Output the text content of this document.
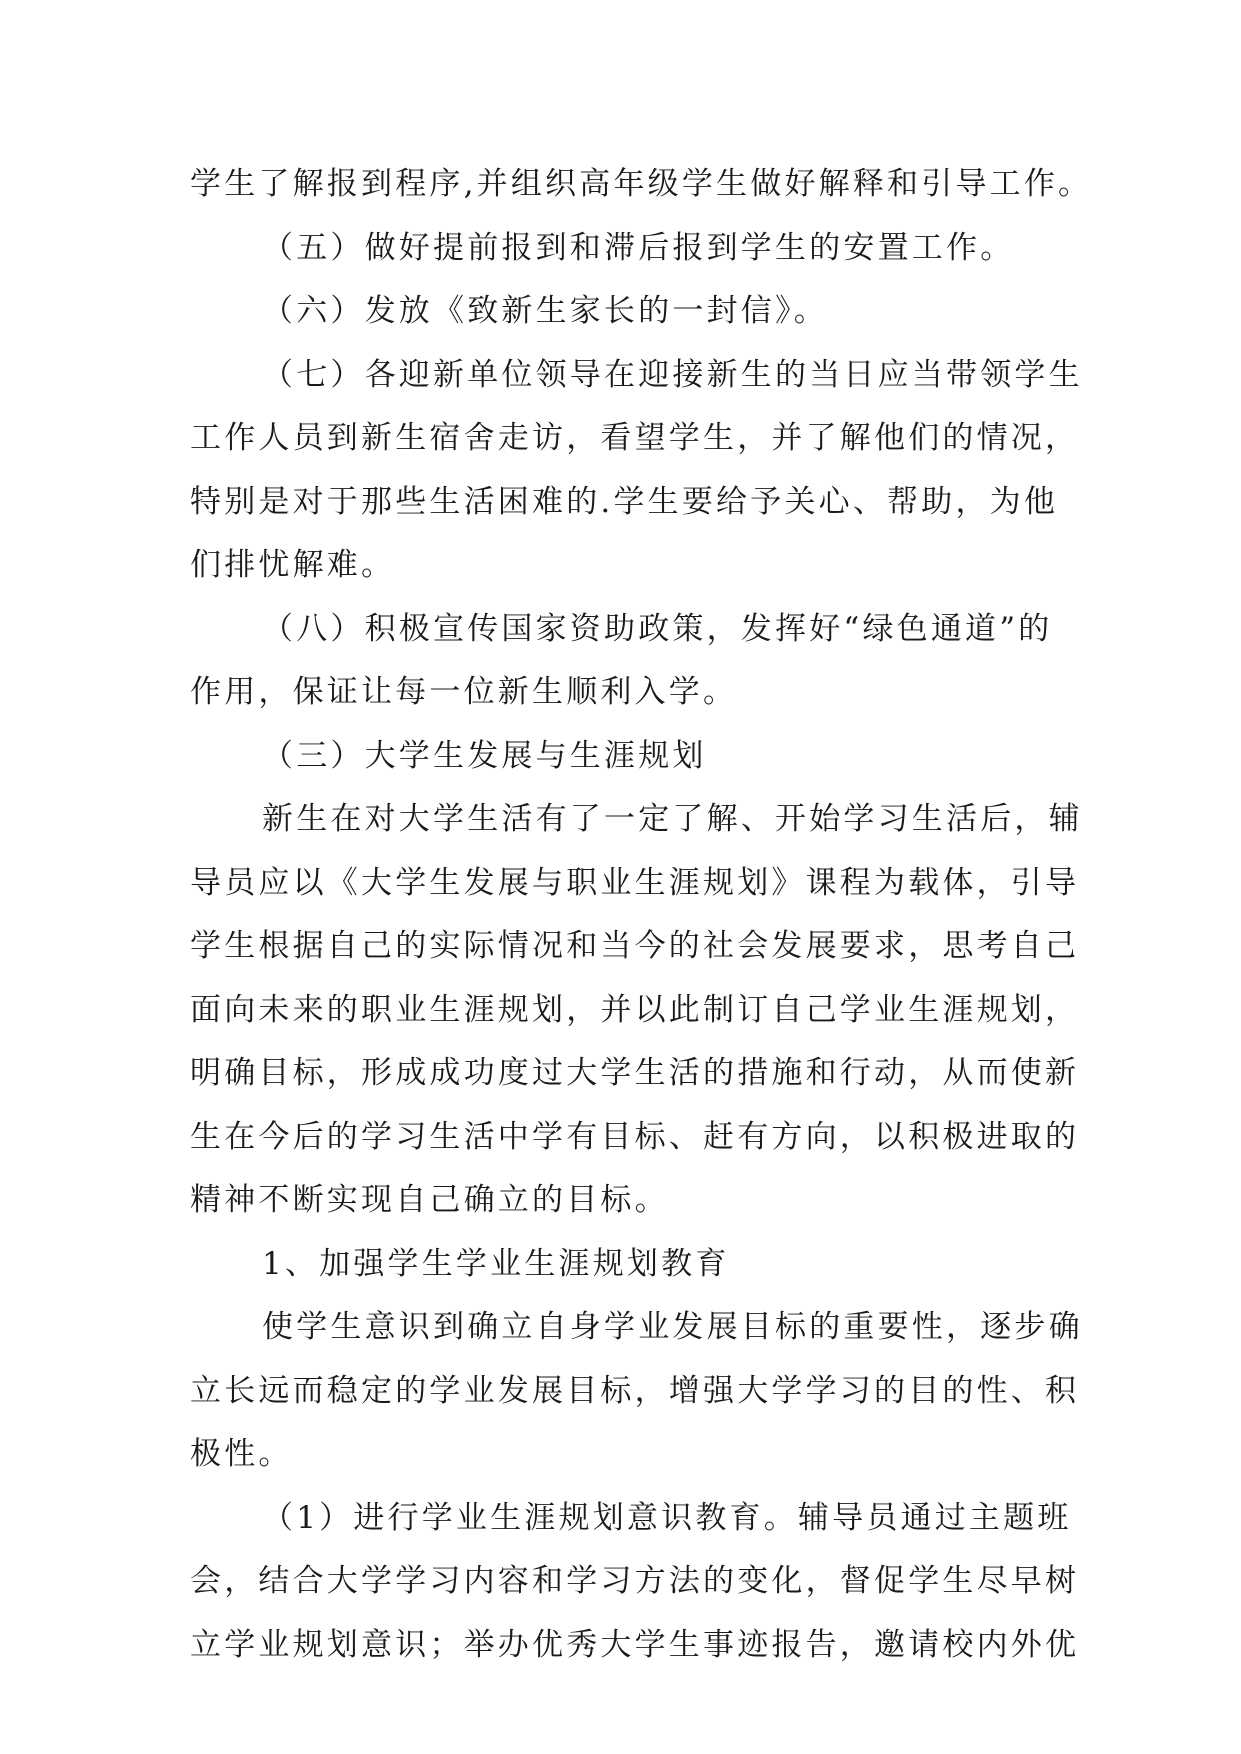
学生了解报到程序,并组织高年级学生做好解释和引导工作。
（五）做好提前报到和滞后报到学生的安置工作。
（六）发放《致新生家长的一封信》。
（七）各迎新单位领导在迎接新生的当日应当带领学生
工作人员到新生宿舍走访，看望学生，并了解他们的情况，
特别是对于那些生活困难的.学生要给予关心、帮助，为他
们排忧解难。
（八）积极宣传国家资助政策，发挥好“绿色通道”的
作用，保证让每一位新生顺利入学。
（三）大学生发展与生涯规划
新生在对大学生活有了一定了解、开始学习生活后，辅
导员应以《大学生发展与职业生涯规划》课程为载体，引导
学生根据自己的实际情况和当今的社会发展要求，思考自己
面向未来的职业生涯规划，并以此制订自己学业生涯规划，
明确目标，形成成功度过大学生活的措施和行动，从而使新
生在今后的学习生活中学有目标、赶有方向，以积极进取的
精神不断实现自己确立的目标。
1、加强学生学业生涯规划教育
使学生意识到确立自身学业发展目标的重要性，逐步确
立长远而稳定的学业发展目标，增强大学学习的目的性、积
极性。
（1）进行学业生涯规划意识教育。辅导员通过主题班
会，结合大学学习内容和学习方法的变化，督促学生尽早树
立学业规划意识；举办优秀大学生事迹报告，邀请校内外优
